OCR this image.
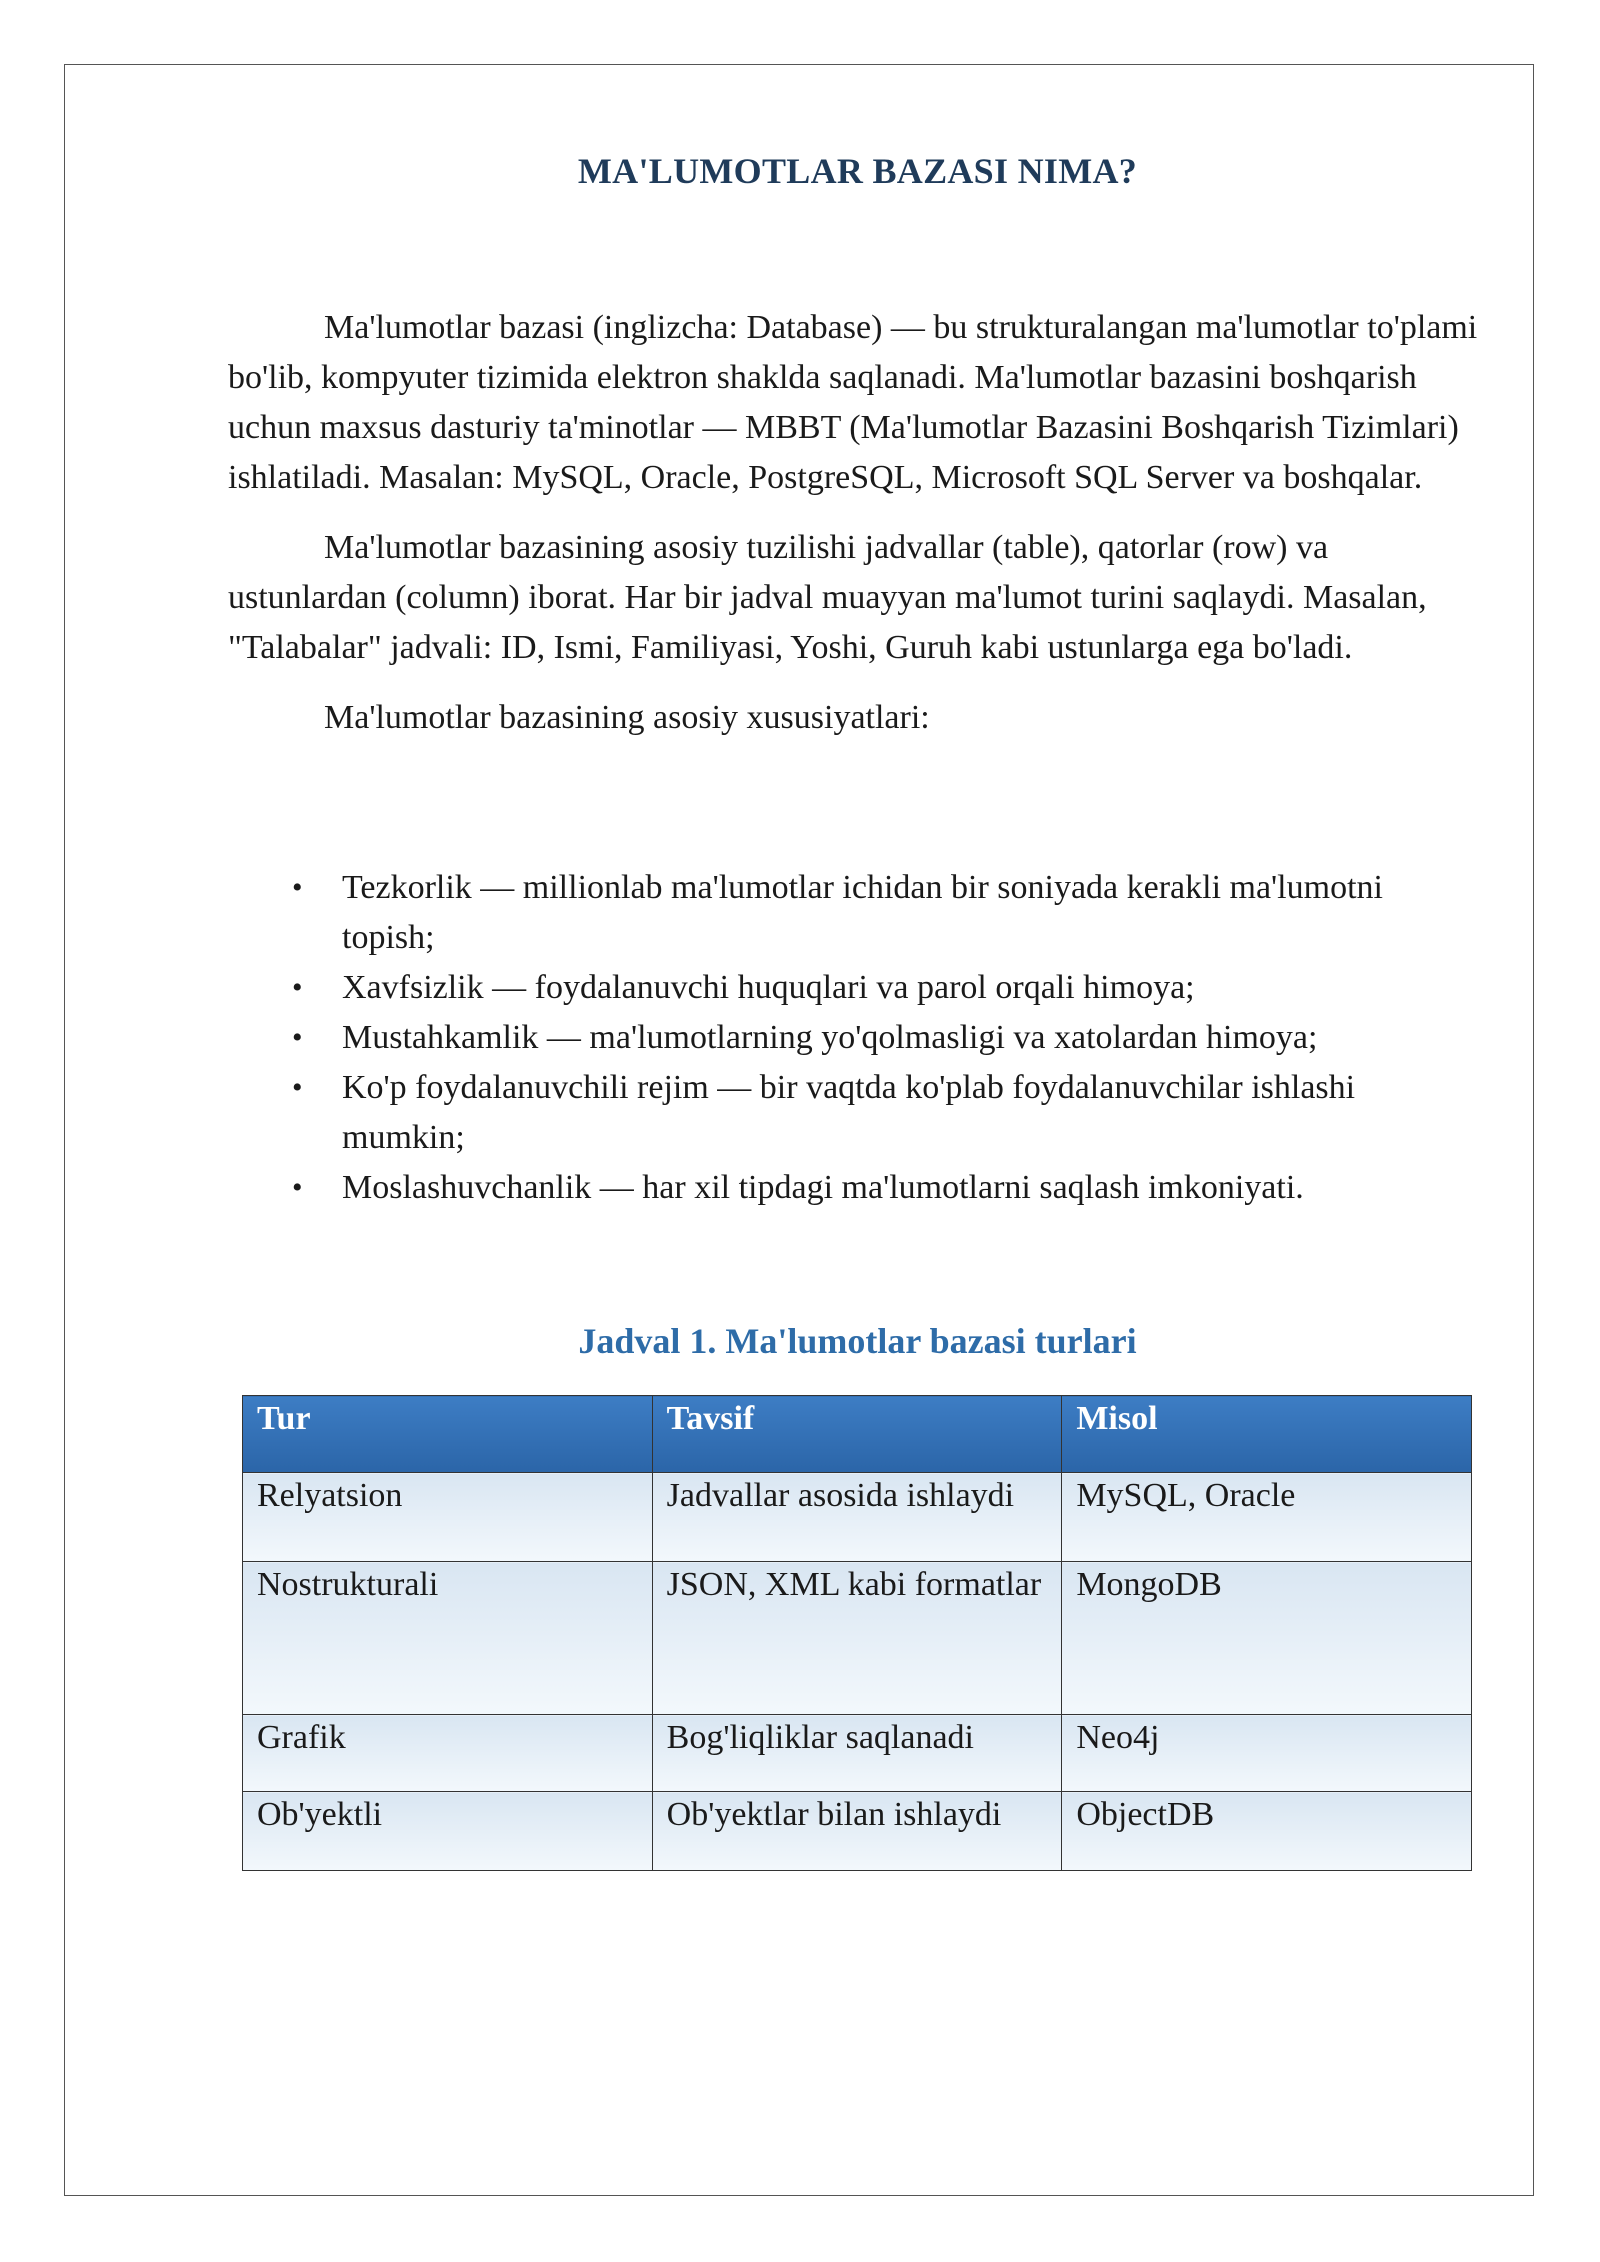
MA'LUMOTLAR BAZASI NIMA?

Ma'lumotlar bazasi (inglizcha: Database) — bu strukturalangan ma'lumotlar to'plami bo'lib, kompyuter tizimida elektron shaklda saqlanadi. Ma'lumotlar bazasini boshqarish uchun maxsus dasturiy ta'minotlar — MBBT (Ma'lumotlar Bazasini Boshqarish Tizimlari) ishlatiladi. Masalan: MySQL, Oracle, PostgreSQL, Microsoft SQL Server va boshqalar.

Ma'lumotlar bazasining asosiy tuzilishi jadvallar (table), qatorlar (row) va ustunlardan (column) iborat. Har bir jadval muayyan ma'lumot turini saqlaydi. Masalan, "Talabalar" jadvali: ID, Ismi, Familiyasi, Yoshi, Guruh kabi ustunlarga ega bo'ladi.

Ma'lumotlar bazasining asosiy xususiyatlari:

• Tezkorlik — millionlab ma'lumotlar ichidan bir soniyada kerakli ma'lumotni topish;
• Xavfsizlik — foydalanuvchi huquqlari va parol orqali himoya;
• Mustahkamlik — ma'lumotlarning yo'qolmasligi va xatolardan himoya;
• Ko'p foydalanuvchili rejim — bir vaqtda ko'plab foydalanuvchilar ishlashi mumkin;
• Moslashuvchanlik — har xil tipdagi ma'lumotlarni saqlash imkoniyati.
Jadval 1. Ma'lumotlar bazasi turlari
Tur	Tavsif	Misol
Relyatsion	Jadvallar asosida ishlaydi	MySQL, Oracle
Nostrukturali	JSON, XML kabi formatlar	MongoDB
Grafik	Bog'liqliklar saqlanadi	Neo4j
Ob'yektli	Ob'yektlar bilan ishlaydi	ObjectDB
